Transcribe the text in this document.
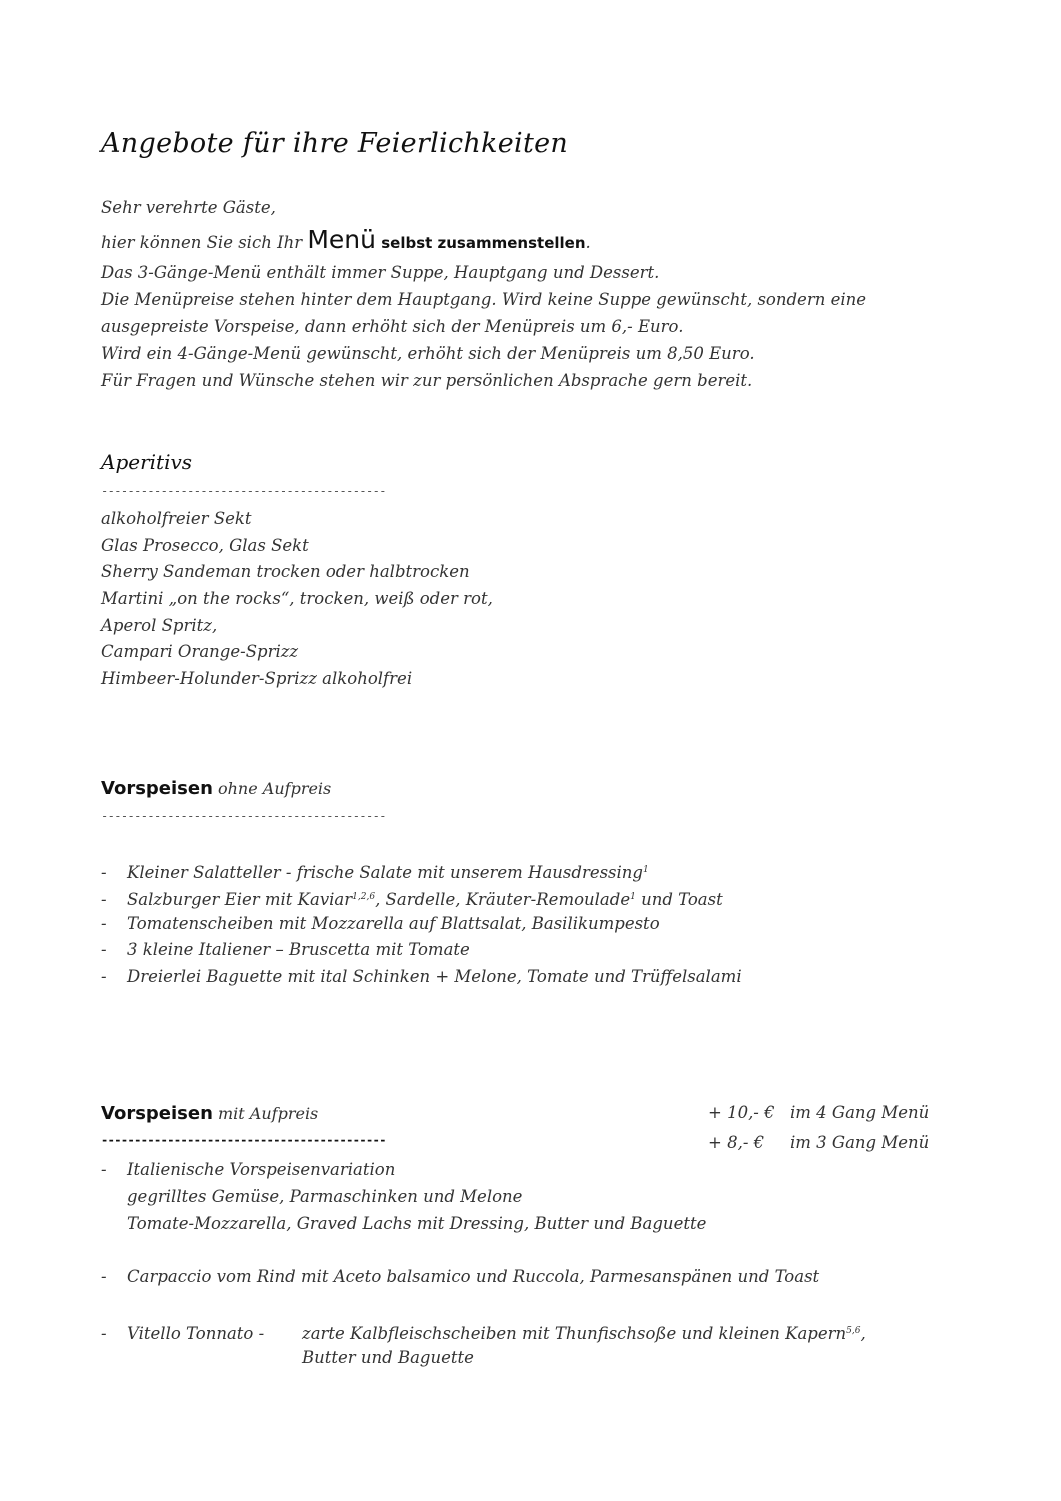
Angebote für ihre Feierlichkeiten
Sehr verehrte Gäste,
hier können Sie sich Ihr Menü selbst zusammenstellen.
Das 3-Gänge-Menü enthält immer Suppe, Hauptgang und Dessert.
Die Menüpreise stehen hinter dem Hauptgang. Wird keine Suppe gewünscht, sondern eine
ausgepreiste Vorspeise, dann erhöht sich der Menüpreis um 6,- Euro.
Wird ein 4-Gänge-Menü gewünscht, erhöht sich der Menüpreis um 8,50 Euro.
Für Fragen und Wünsche stehen wir zur persönlichen Absprache gern bereit.
Aperitivs
-------------------------------------------
alkoholfreier Sekt
Glas Prosecco, Glas Sekt
Sherry Sandeman trocken oder halbtrocken
Martini „on the rocks“, trocken, weiß oder rot,
Aperol Spritz,
Campari Orange-Sprizz
Himbeer-Holunder-Sprizz alkoholfrei
Vorspeisen ohne Aufpreis
-------------------------------------------
- Kleiner Salatteller - frische Salate mit unserem Hausdressing$^1$
- Salzburger Eier mit Kaviar$^{1,2,6}$, Sardelle, Kräuter-Remoulade$^1$ und Toast
- Tomatenscheiben mit Mozzarella auf Blattsalat, Basilikumpesto
- 3 kleine Italiener – Bruscetta mit Tomate
- Dreierlei Baguette mit ital Schinken + Melone, Tomate und Trüffelsalami
Vorspeisen mit Aufpreis	+ 10,- € im 4 Gang Menü
-------------------------------------------	+ 8,- € im 3 Gang Menü
- Italienische Vorspeisenvariation
gegrilltes Gemüse, Parmaschinken und Melone
Tomate-Mozzarella, Graved Lachs mit Dressing, Butter und Baguette
- Carpaccio vom Rind mit Aceto balsamico und Ruccola, Parmesanspänen und Toast
- Vitello Tonnato - zarte Kalbfleischscheiben mit Thunfischsoße und kleinen Kapern$^{5,6}$,
Butter und Baguette
